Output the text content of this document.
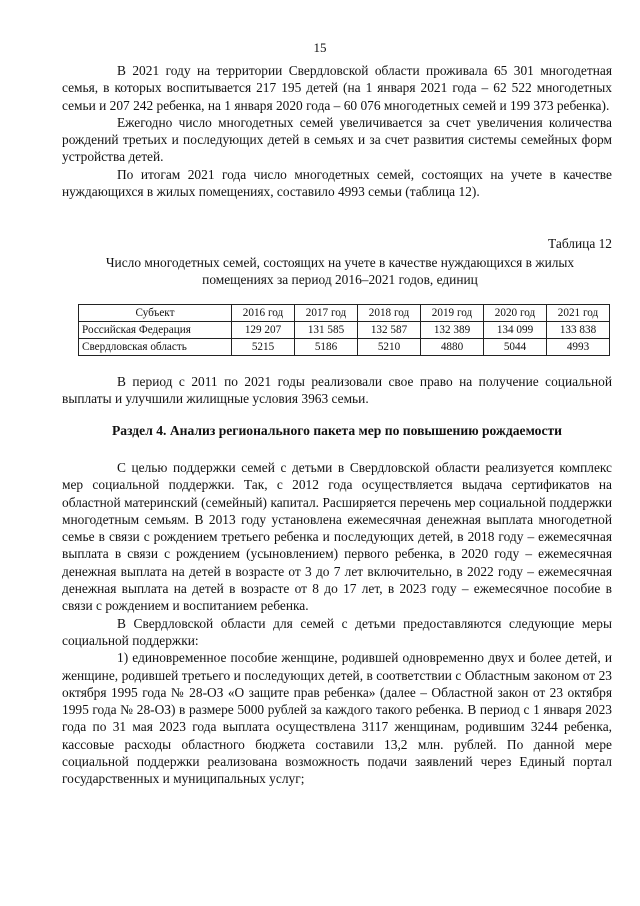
15

В 2021 году на территории Свердловской области проживала 65 301 многодетная семья, в которых воспитывается 217 195 детей (на 1 января 2021 года – 62 522 многодетных семьи и 207 242 ребенка, на 1 января 2020 года – 60 076 многодетных семей и 199 373 ребенка).

Ежегодно число многодетных семей увеличивается за счет увеличения количества рождений третьих и последующих детей в семьях и за счет развития системы семейных форм устройства детей.

По итогам 2021 года число многодетных семей, состоящих на учете в качестве нуждающихся в жилых помещениях, составило 4993 семьи (таблица 12).

Таблица 12
Число многодетных семей, состоящих на учете в качестве нуждающихся в жилых помещениях за период 2016–2021 годов, единиц
Субъект	2016 год	2017 год	2018 год	2019 год	2020 год	2021 год
Российская Федерация	129 207	131 585	132 587	132 389	134 099	133 838
Свердловская область	5215	5186	5210	4880	5044	4993

В период с 2011 по 2021 годы реализовали свое право на получение социальной выплаты и улучшили жилищные условия 3963 семьи.

Раздел 4. Анализ регионального пакета мер по повышению рождаемости

С целью поддержки семей с детьми в Свердловской области реализуется комплекс мер социальной поддержки. Так, с 2012 года осуществляется выдача сертификатов на областной материнский (семейный) капитал. Расширяется перечень мер социальной поддержки многодетным семьям. В 2013 году установлена ежемесячная денежная выплата многодетной семье в связи с рождением третьего ребенка и последующих детей, в 2018 году – ежемесячная выплата в связи с рождением (усыновлением) первого ребенка, в 2020 году – ежемесячная денежная выплата на детей в возрасте от 3 до 7 лет включительно, в 2022 году – ежемесячная денежная выплата на детей в возрасте от 8 до 17 лет, в 2023 году – ежемесячное пособие в связи с рождением и воспитанием ребенка.

В Свердловской области для семей с детьми предоставляются следующие меры социальной поддержки:

1) единовременное пособие женщине, родившей одновременно двух и более детей, и женщине, родившей третьего и последующих детей, в соответствии с Областным законом от 23 октября 1995 года № 28-ОЗ «О защите прав ребенка» (далее – Областной закон от 23 октября 1995 года № 28-ОЗ) в размере 5000 рублей за каждого такого ребенка. В период с 1 января 2023 года по 31 мая 2023 года выплата осуществлена 3117 женщинам, родившим 3244 ребенка, кассовые расходы областного бюджета составили 13,2 млн. рублей. По данной мере социальной поддержки реализована возможность подачи заявлений через Единый портал государственных и муниципальных услуг;
